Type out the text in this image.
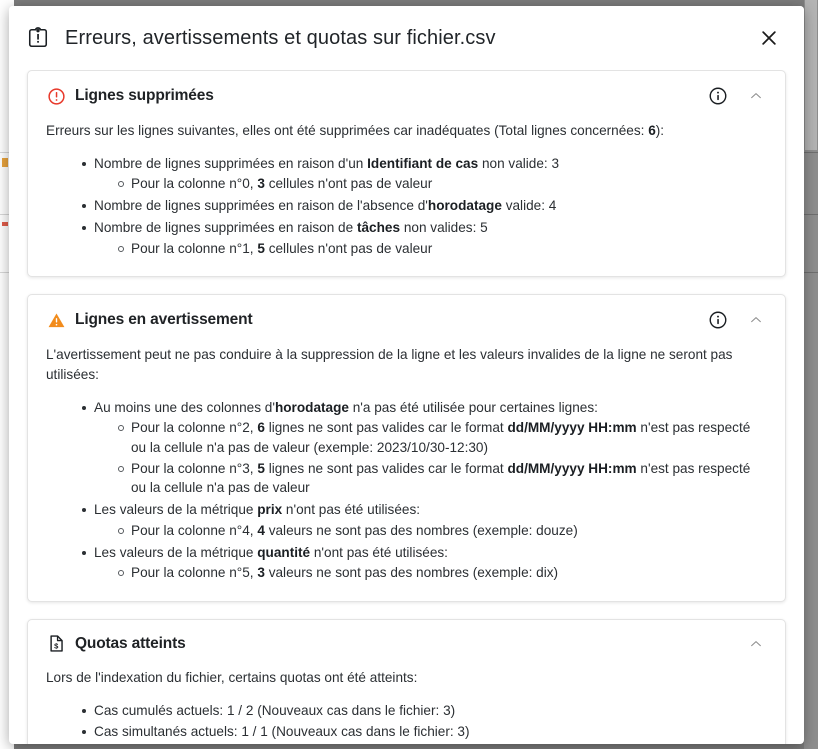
Erreurs, avertissements et quotas sur fichier.csv
Lignes supprimées
Erreurs sur les lignes suivantes, elles ont été supprimées car inadéquates (Total lignes concernées: 6):
Nombre de lignes supprimées en raison d'un Identifiant de cas non valide: 3
Pour la colonne n°0, 3 cellules n'ont pas de valeur
Nombre de lignes supprimées en raison de l'absence d'horodatage valide: 4
Nombre de lignes supprimées en raison de tâches non valides: 5
Pour la colonne n°1, 5 cellules n'ont pas de valeur
Lignes en avertissement
L'avertissement peut ne pas conduire à la suppression de la ligne et les valeurs invalides de la ligne ne seront pas utilisées:
Au moins une des colonnes d'horodatage n'a pas été utilisée pour certaines lignes:
Pour la colonne n°2, 6 lignes ne sont pas valides car le format dd/MM/yyyy HH:mm n'est pas respecté ou la cellule n'a pas de valeur (exemple: 2023/10/30-12:30)
Pour la colonne n°3, 5 lignes ne sont pas valides car le format dd/MM/yyyy HH:mm n'est pas respecté ou la cellule n'a pas de valeur
Les valeurs de la métrique prix n'ont pas été utilisées:
Pour la colonne n°4, 4 valeurs ne sont pas des nombres (exemple: douze)
Les valeurs de la métrique quantité n'ont pas été utilisées:
Pour la colonne n°5, 3 valeurs ne sont pas des nombres (exemple: dix)
$ Quotas atteints
Lors de l'indexation du fichier, certains quotas ont été atteints:
Cas cumulés actuels: 1 / 2 (Nouveaux cas dans le fichier: 3)
Cas simultanés actuels: 1 / 1 (Nouveaux cas dans le fichier: 3)
